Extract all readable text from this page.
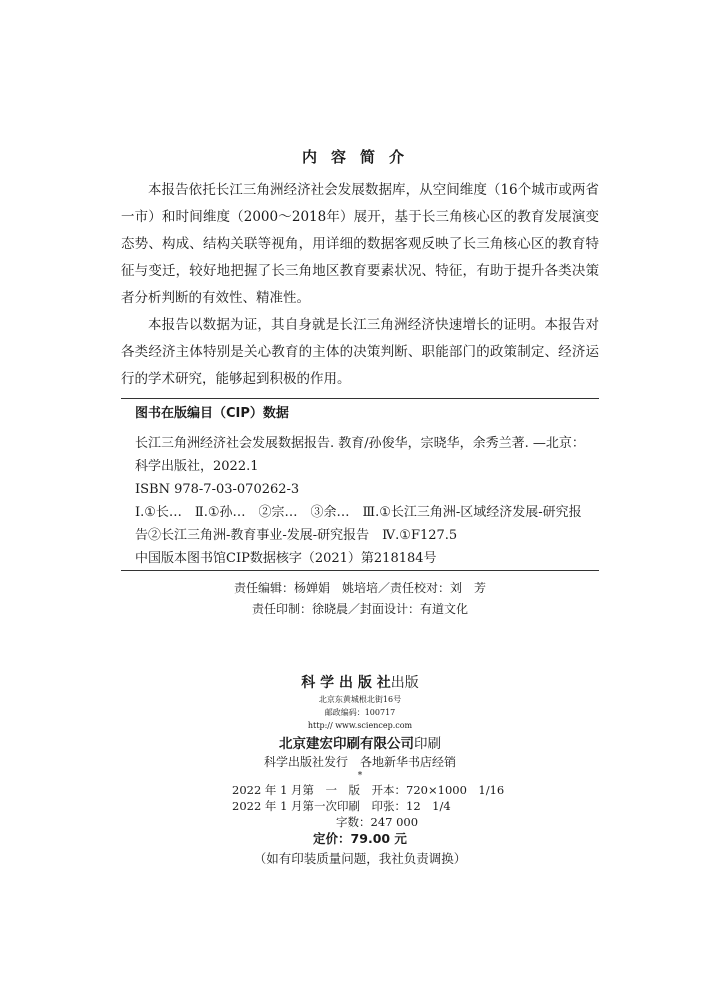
内容简介

本报告依托长江三角洲经济社会发展数据库，从空间维度（16个城市或两省一市）和时间维度（2000～2018年）展开，基于长三角核心区的教育发展演变态势、构成、结构关联等视角，用详细的数据客观反映了长三角核心区的教育特征与变迁，较好地把握了长三角地区教育要素状况、特征，有助于提升各类决策者分析判断的有效性、精准性。

本报告以数据为证，其自身就是长江三角洲经济快速增长的证明。本报告对各类经济主体特别是关心教育的主体的决策判断、职能部门的政策制定、经济运行的学术研究，能够起到积极的作用。

图书在版编目（CIP）数据
长江三角洲经济社会发展数据报告. 教育/孙俊华，宗晓华，余秀兰著. —北京：科学出版社，2022.1
ISBN 978-7-03-070262-3
Ⅰ.①长…　Ⅱ.①孙…　②宗…　③余…　Ⅲ.①长江三角洲-区域经济发展-研究报告②长江三角洲-教育事业-发展-研究报告　Ⅳ.①F127.5
中国版本图书馆CIP数据核字（2021）第218184号
责任编辑：杨婵娟　姚培培／责任校对：刘　芳
责任印制：徐晓晨／封面设计：有道文化
科 学 出 版 社出版
北京东黄城根北街16号
邮政编码：100717
http:// www.sciencep.com
北京建宏印刷有限公司印刷
科学出版社发行　各地新华书店经销
*
2022 年 1 月第　一　版　开本：720×1000　1/16
2022 年 1 月第一次印刷　印张：12　1/4
字数：247 000
定价：79.00 元
（如有印装质量问题，我社负责调换）
